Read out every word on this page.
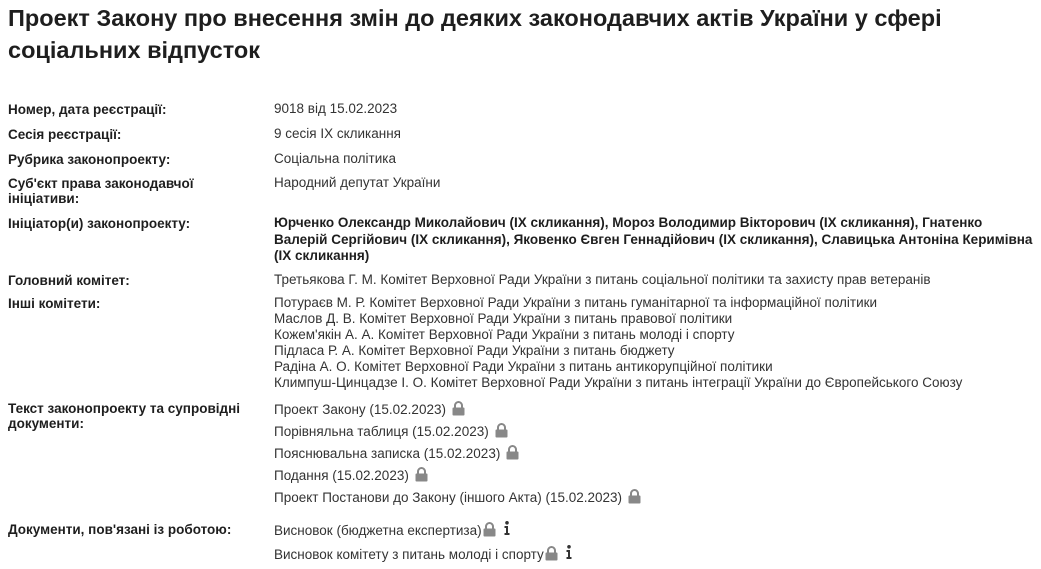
Проект Закону про внесення змін до деяких законодавчих актів України у сфері соціальних відпусток
Номер, дата реєстрації:	9018 від 15.02.2023
Сесія реєстрації:	9 сесія IX скликання
Рубрика законопроекту:	Соціальна політика
Суб'єкт права законодавчої ініціативи:
Народний депутат України
Ініціатор(и) законопроекту:	Юрченко Олександр Миколайович (IX скликання), Мороз Володимир Вікторович (IX скликання), Гнатенко
Валерій Сергійович (IX скликання), Яковенко Євген Геннадійович (IX скликання), Славицька Антоніна Керимівна
(IX скликання)
Головний комітет:	Третьякова Г. М. Комітет Верховної Ради України з питань соціальної політики та захисту прав ветеранів
Інші комітети:	Потураєв М. Р. Комітет Верховної Ради України з питань гуманітарної та інформаційної політики
Маслов Д. В. Комітет Верховної Ради України з питань правової політики
Кожем'якін А. А. Комітет Верховної Ради України з питань молоді і спорту
Підласа Р. А. Комітет Верховної Ради України з питань бюджету
Радіна А. О. Комітет Верховної Ради України з питань антикорупційної політики
Климпуш-Цинцадзе І. О. Комітет Верховної Ради України з питань інтеграції України до Європейського Союзу
Текст законопроекту та супровідні документи:
Проект Закону (15.02.2023)
Порівняльна таблиця (15.02.2023)
Пояснювальна записка (15.02.2023)
Подання (15.02.2023)
Проект Постанови до Закону (іншого Акта) (15.02.2023)
Документи, пов'язані із роботою:	Висновок (бюджетна експертиза)
Висновок комітету з питань молоді і спорту
